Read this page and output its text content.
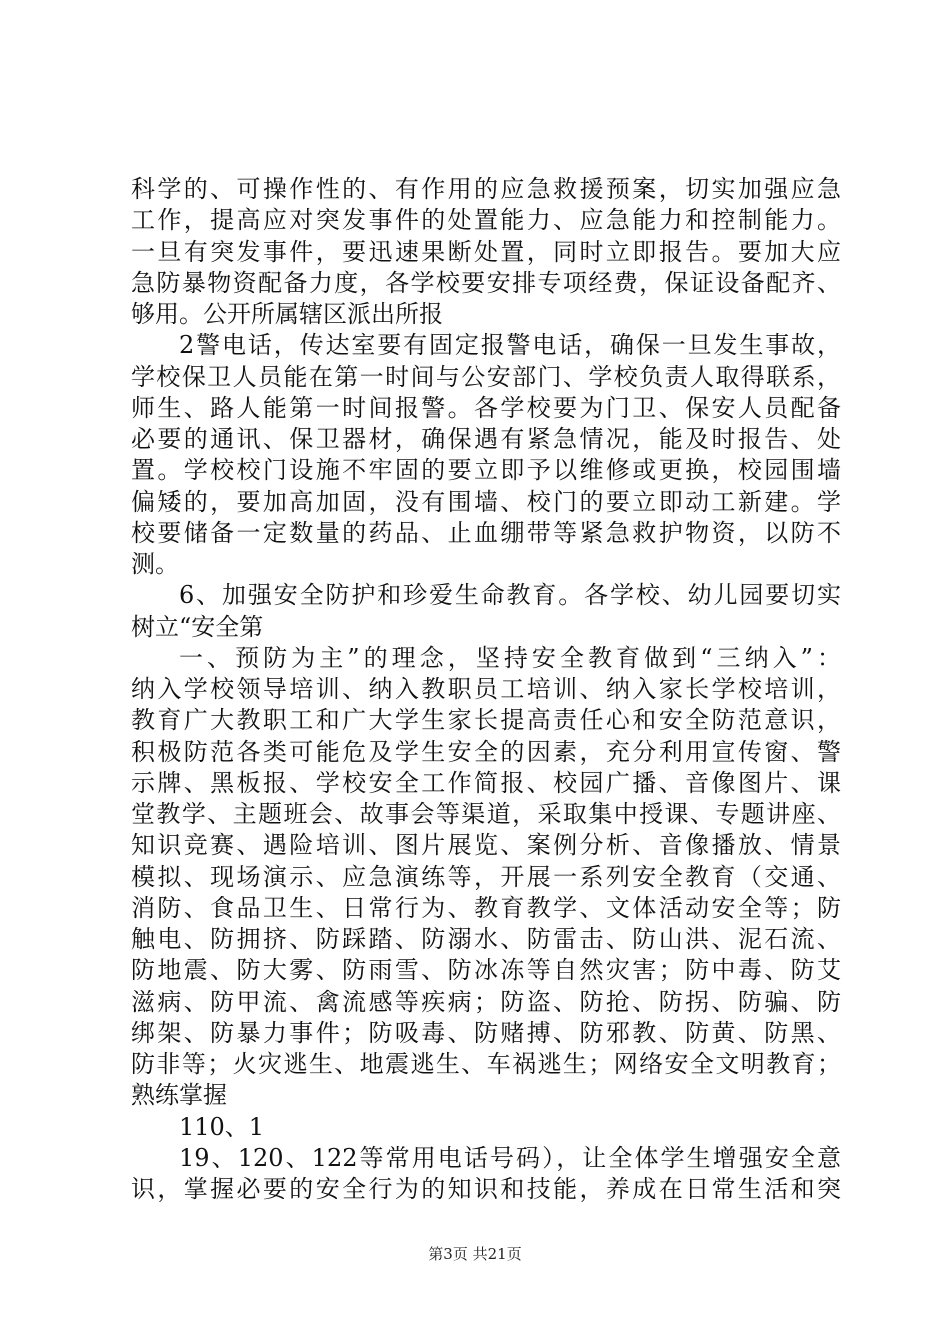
科学的、可操作性的、有作用的应急救援预案，切实加强应急
工作，提高应对突发事件的处置能力、应急能力和控制能力。
一旦有突发事件，要迅速果断处置，同时立即报告。要加大应
急防暴物资配备力度，各学校要安排专项经费，保证设备配齐、
够用。公开所属辖区派出所报
2警电话，传达室要有固定报警电话，确保一旦发生事故，
学校保卫人员能在第一时间与公安部门、学校负责人取得联系，
师生、路人能第一时间报警。各学校要为门卫、保安人员配备
必要的通讯、保卫器材，确保遇有紧急情况，能及时报告、处
置。学校校门设施不牢固的要立即予以维修或更换，校园围墙
偏矮的，要加高加固，没有围墙、校门的要立即动工新建。学
校要储备一定数量的药品、止血绷带等紧急救护物资，以防不
测。
6、加强安全防护和珍爱生命教育。各学校、幼儿园要切实
树立“安全第
一、预防为主”的理念，坚持安全教育做到“三纳入”：
纳入学校领导培训、纳入教职员工培训、纳入家长学校培训，
教育广大教职工和广大学生家长提高责任心和安全防范意识，
积极防范各类可能危及学生安全的因素，充分利用宣传窗、警
示牌、黑板报、学校安全工作简报、校园广播、音像图片、课
堂教学、主题班会、故事会等渠道，采取集中授课、专题讲座、
知识竞赛、遇险培训、图片展览、案例分析、音像播放、情景
模拟、现场演示、应急演练等，开展一系列安全教育（交通、
消防、食品卫生、日常行为、教育教学、文体活动安全等；防
触电、防拥挤、防踩踏、防溺水、防雷击、防山洪、泥石流、
防地震、防大雾、防雨雪、防冰冻等自然灾害；防中毒、防艾
滋病、防甲流、禽流感等疾病；防盗、防抢、防拐、防骗、防
绑架、防暴力事件；防吸毒、防赌搏、防邪教、防黄、防黑、
防非等；火灾逃生、地震逃生、车祸逃生；网络安全文明教育；
熟练掌握
110、1
19、120、122等常用电话号码），让全体学生增强安全意
识，掌握必要的安全行为的知识和技能，养成在日常生活和突
第3页 共21页
